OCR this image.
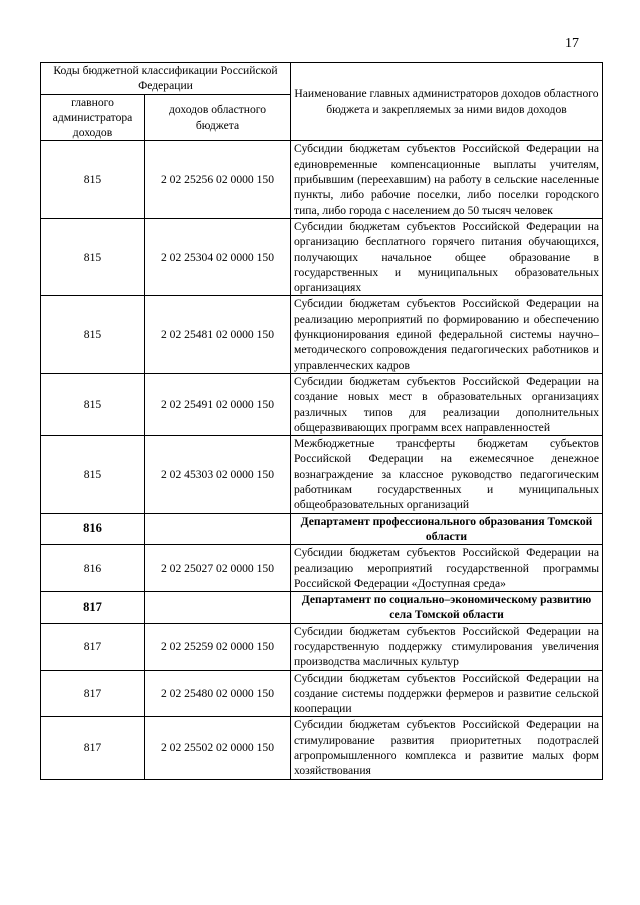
17
Коды бюджетной классификации Российской Федерации		Наименование главных администраторов доходов областного бюджета и закрепляемых за ними видов доходов
главного администратора доходов	доходов областного бюджета	
815	2 02 25256 02 0000 150	Субсидии бюджетам субъектов Российской Федерации на единовременные компенсационные выплаты учителям, прибывшим (переехавшим) на работу в сельские населенные пункты, либо рабочие поселки, либо поселки городского типа, либо города с населением до 50 тысяч человек
815	2 02 25304 02 0000 150	Субсидии бюджетам субъектов Российской Федерации на организацию бесплатного горячего питания обучающихся, получающих начальное общее образование в государственных и муниципальных образовательных организациях
815	2 02 25481 02 0000 150	Субсидии бюджетам субъектов Российской Федерации на реализацию мероприятий по формированию и обеспечению функционирования единой федеральной системы научно–методического сопровождения педагогических работников и управленческих кадров
815	2 02 25491 02 0000 150	Субсидии бюджетам субъектов Российской Федерации на создание новых мест в образовательных организациях различных типов для реализации дополнительных общеразвивающих программ всех направленностей
815	2 02 45303 02 0000 150	Межбюджетные трансферты бюджетам субъектов Российской Федерации на ежемесячное денежное вознаграждение за классное руководство педагогическим работникам государственных и муниципальных общеобразовательных организаций
816		Департамент профессионального образования Томской области
816	2 02 25027 02 0000 150	Субсидии бюджетам субъектов Российской Федерации на реализацию мероприятий государственной программы Российской Федерации «Доступная среда»
817		Департамент по социально–экономическому развитию села Томской области
817	2 02 25259 02 0000 150	Субсидии бюджетам субъектов Российской Федерации на государственную поддержку стимулирования увеличения производства масличных культур
817	2 02 25480 02 0000 150	Субсидии бюджетам субъектов Российской Федерации на создание системы поддержки фермеров и развитие сельской кооперации
817	2 02 25502 02 0000 150	Субсидии бюджетам субъектов Российской Федерации на стимулирование развития приоритетных подотраслей агропромышленного комплекса и развитие малых форм хозяйствования
